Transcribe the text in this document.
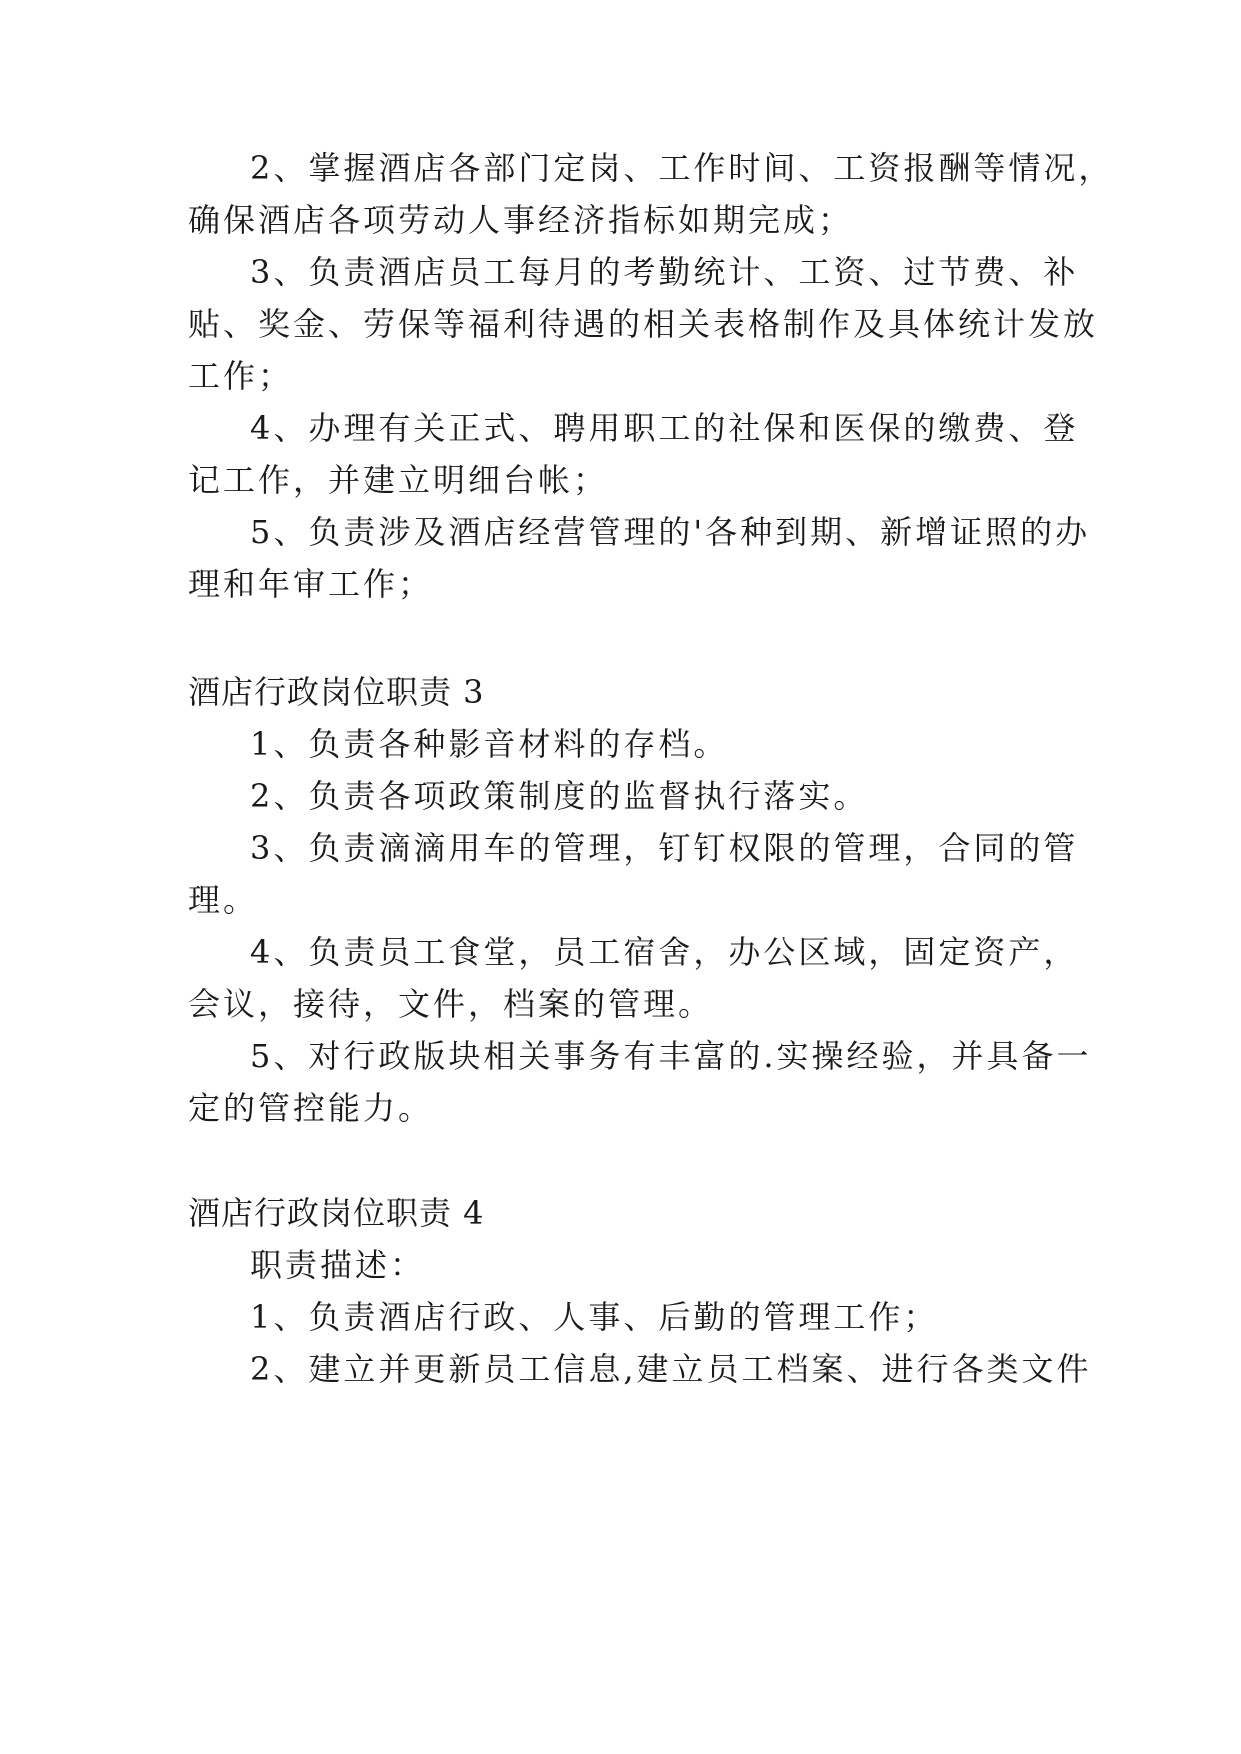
2、掌握酒店各部门定岗、工作时间、工资报酬等情况，
确保酒店各项劳动人事经济指标如期完成；
3、负责酒店员工每月的考勤统计、工资、过节费、补
贴、奖金、劳保等福利待遇的相关表格制作及具体统计发放
工作；
4、办理有关正式、聘用职工的社保和医保的缴费、登
记工作，并建立明细台帐；
5、负责涉及酒店经营管理的'各种到期、新增证照的办
理和年审工作；
酒店行政岗位职责 3
1、负责各种影音材料的存档。
2、负责各项政策制度的监督执行落实。
3、负责滴滴用车的管理，钉钉权限的管理，合同的管
理。
4、负责员工食堂，员工宿舍，办公区域，固定资产，
会议，接待，文件，档案的管理。
5、对行政版块相关事务有丰富的.实操经验，并具备一
定的管控能力。
酒店行政岗位职责 4
职责描述：
1、负责酒店行政、人事、后勤的管理工作；
2、建立并更新员工信息,建立员工档案、进行各类文件
